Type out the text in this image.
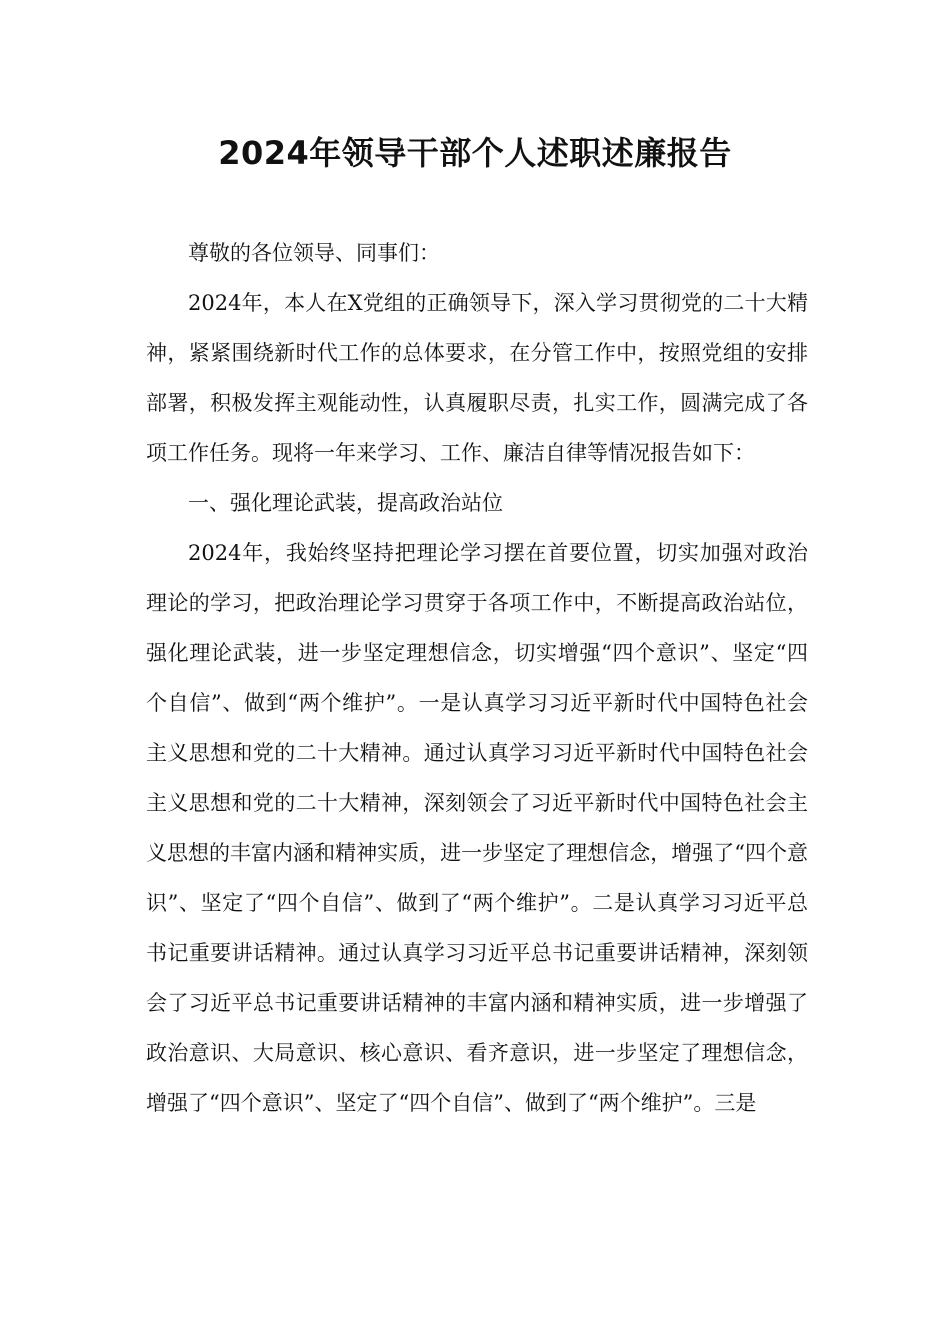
2024年领导干部个人述职述廉报告

尊敬的各位领导、同事们：

2024年，本人在X党组的正确领导下，深入学习贯彻党的二十大精神，紧紧围绕新时代工作的总体要求，在分管工作中，按照党组的安排部署，积极发挥主观能动性，认真履职尽责，扎实工作，圆满完成了各项工作任务。现将一年来学习、工作、廉洁自律等情况报告如下：

一、强化理论武装，提高政治站位

2024年，我始终坚持把理论学习摆在首要位置，切实加强对政治理论的学习，把政治理论学习贯穿于各项工作中，不断提高政治站位，强化理论武装，进一步坚定理想信念，切实增强“四个意识”、坚定“四个自信”、做到“两个维护”。一是认真学习习近平新时代中国特色社会主义思想和党的二十大精神。通过认真学习习近平新时代中国特色社会主义思想和党的二十大精神，深刻领会了习近平新时代中国特色社会主义思想的丰富内涵和精神实质，进一步坚定了理想信念，增强了“四个意识”、坚定了“四个自信”、做到了“两个维护”。二是认真学习习近平总书记重要讲话精神。通过认真学习习近平总书记重要讲话精神，深刻领会了习近平总书记重要讲话精神的丰富内涵和精神实质，进一步增强了政治意识、大局意识、核心意识、看齐意识，进一步坚定了理想信念，增强了“四个意识”、坚定了“四个自信”、做到了“两个维护”。三是
